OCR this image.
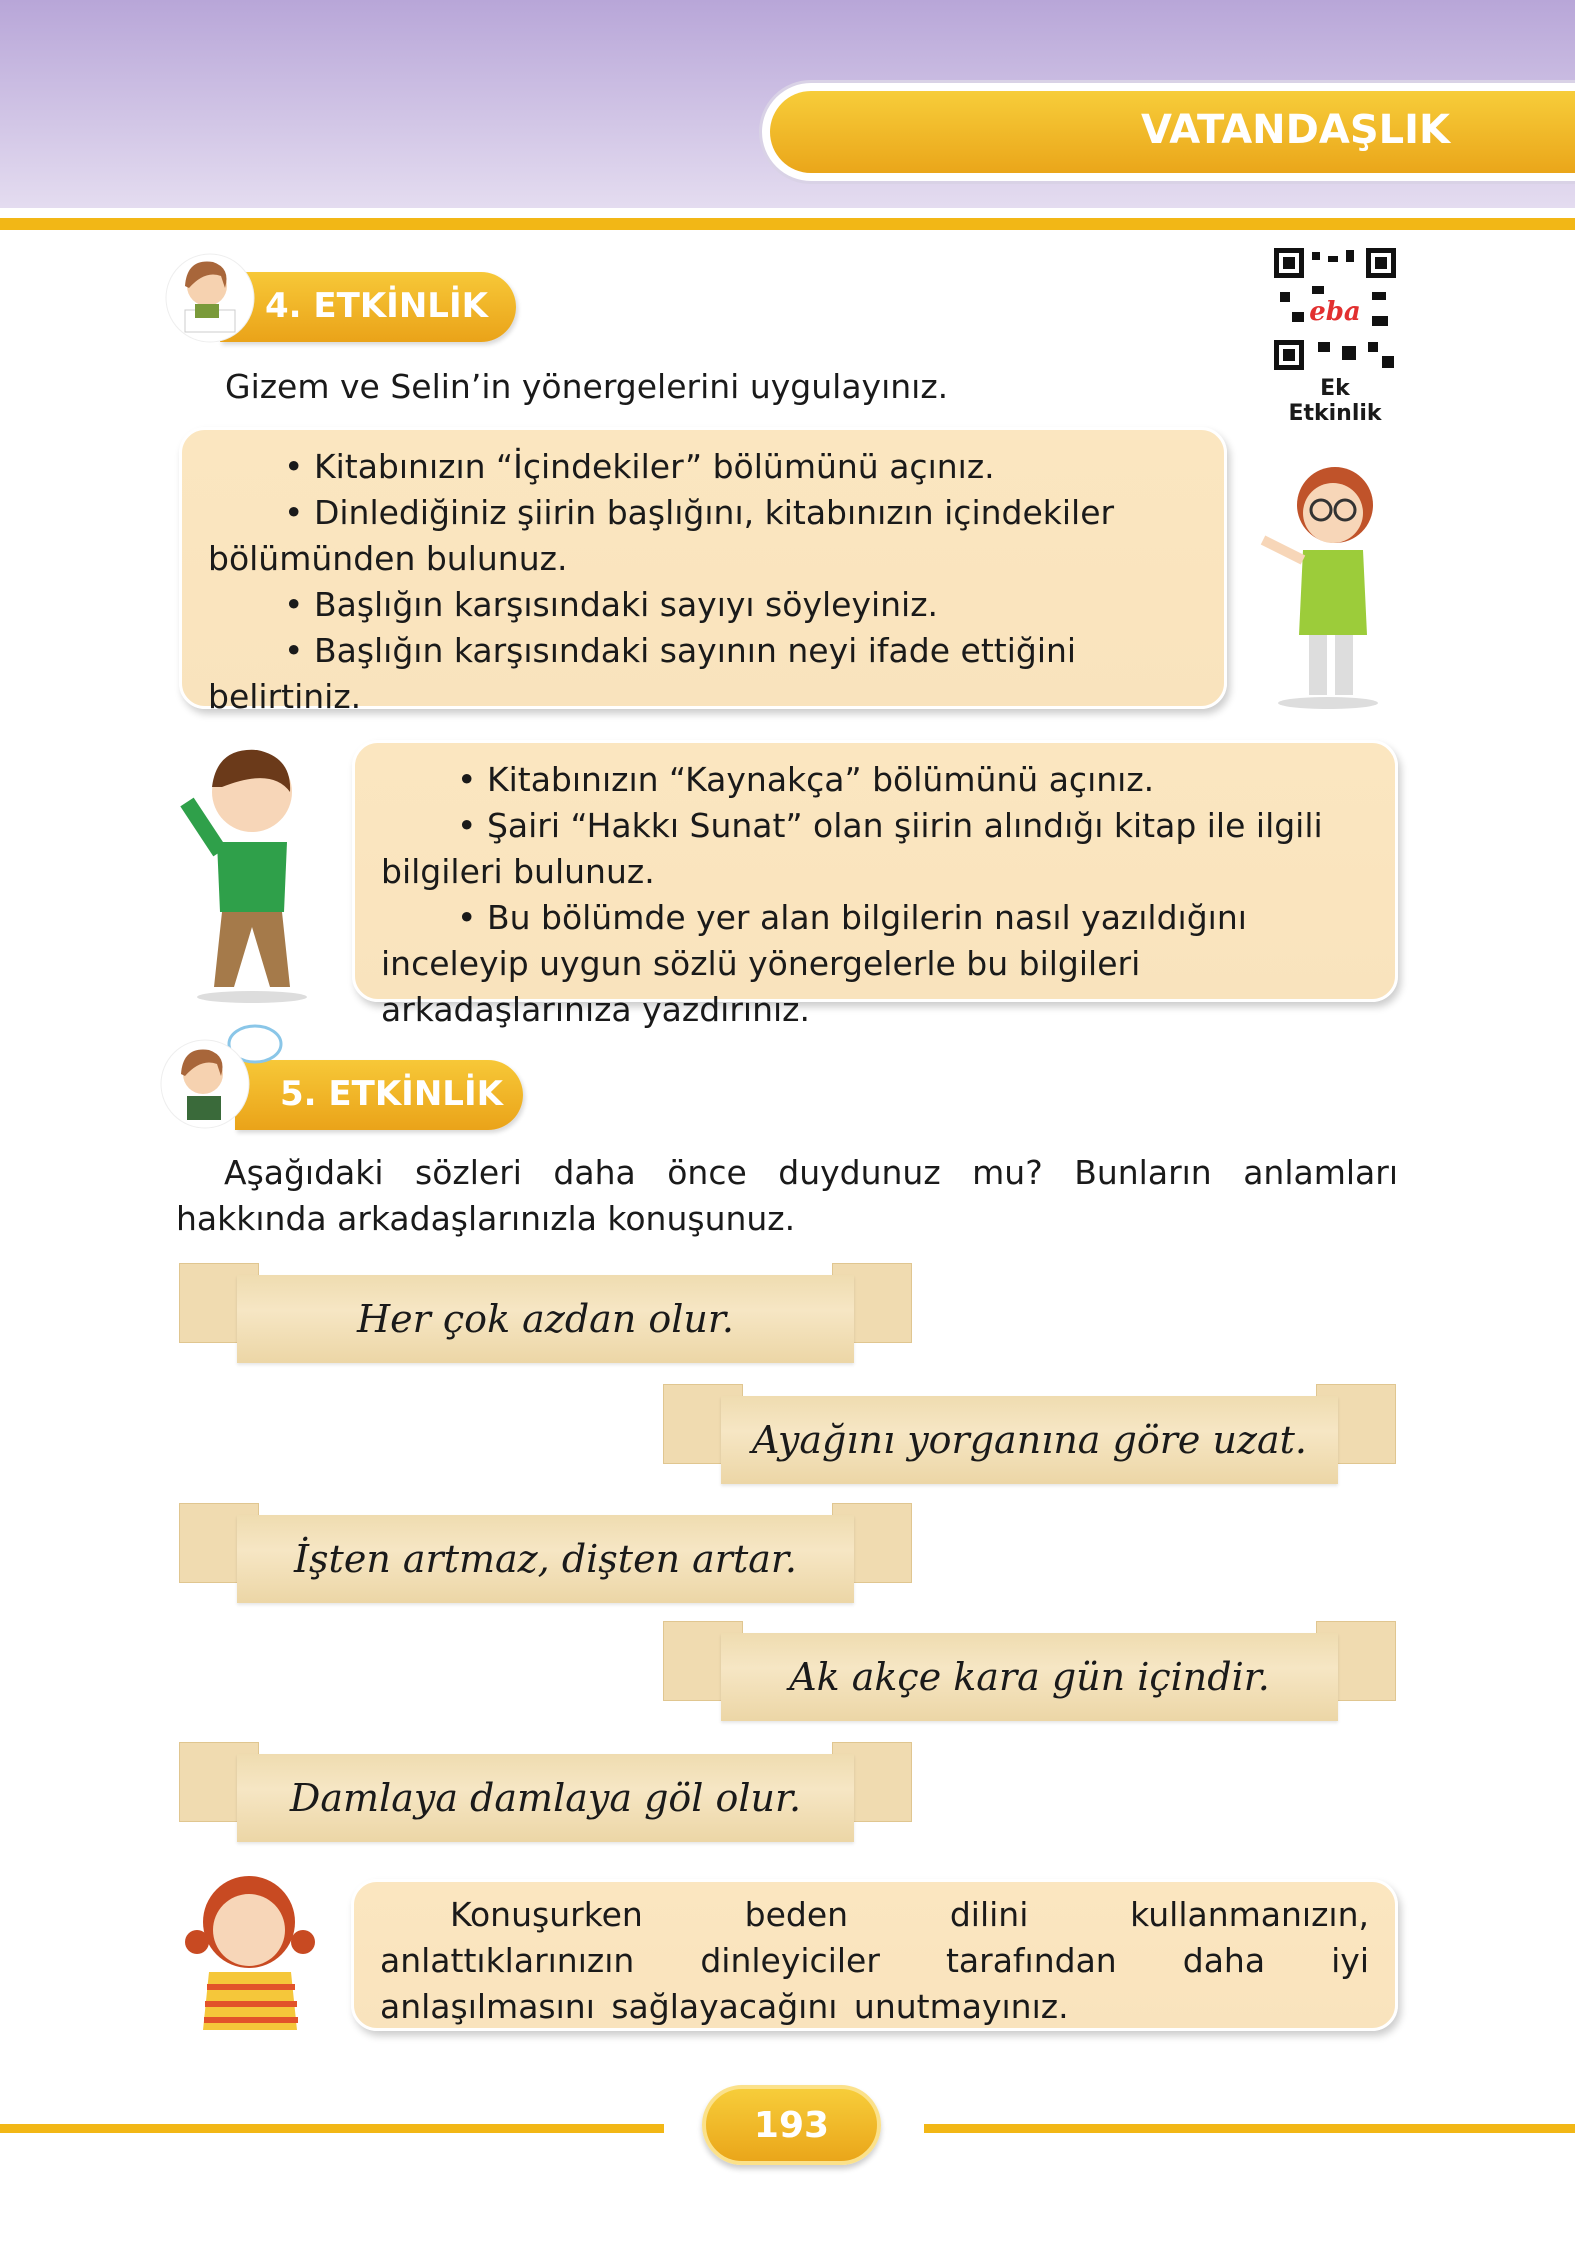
VATANDAŞLIK
4. ETKİNLİK
Gizem ve Selin’in yönergelerini uygulayınız.
eba
Ek Etkinlik
• Kitabınızın “İçindekiler” bölümünü açınız.
• Dinlediğiniz şiirin başlığını, kitabınızın içindekiler bölümünden bulunuz.
• Başlığın karşısındaki sayıyı söyleyiniz.
• Başlığın karşısındaki sayının neyi ifade ettiğini belirtiniz.
• Kitabınızın “Kaynakça” bölümünü açınız.
• Şairi “Hakkı Sunat” olan şiirin alındığı kitap ile ilgili bilgileri bulunuz.
• Bu bölümde yer alan bilgilerin nasıl yazıldığını inceleyip uygun sözlü yönergelerle bu bilgileri arkadaşlarınıza yazdırınız.
5. ETKİNLİK
Aşağıdaki sözleri daha önce duydunuz mu? Bunların anlamları hakkında arkadaşlarınızla konuşunuz.
Her çok azdan olur.
Ayağını yorganına göre uzat.
İşten artmaz, dişten artar.
Ak akçe kara gün içindir.
Damlaya damlaya göl olur.
Konuşurken beden dilini kullanmanızın, anlattıklarınızın dinleyiciler tarafından daha iyi anlaşılmasını sağlayacağını unutmayınız.
193
